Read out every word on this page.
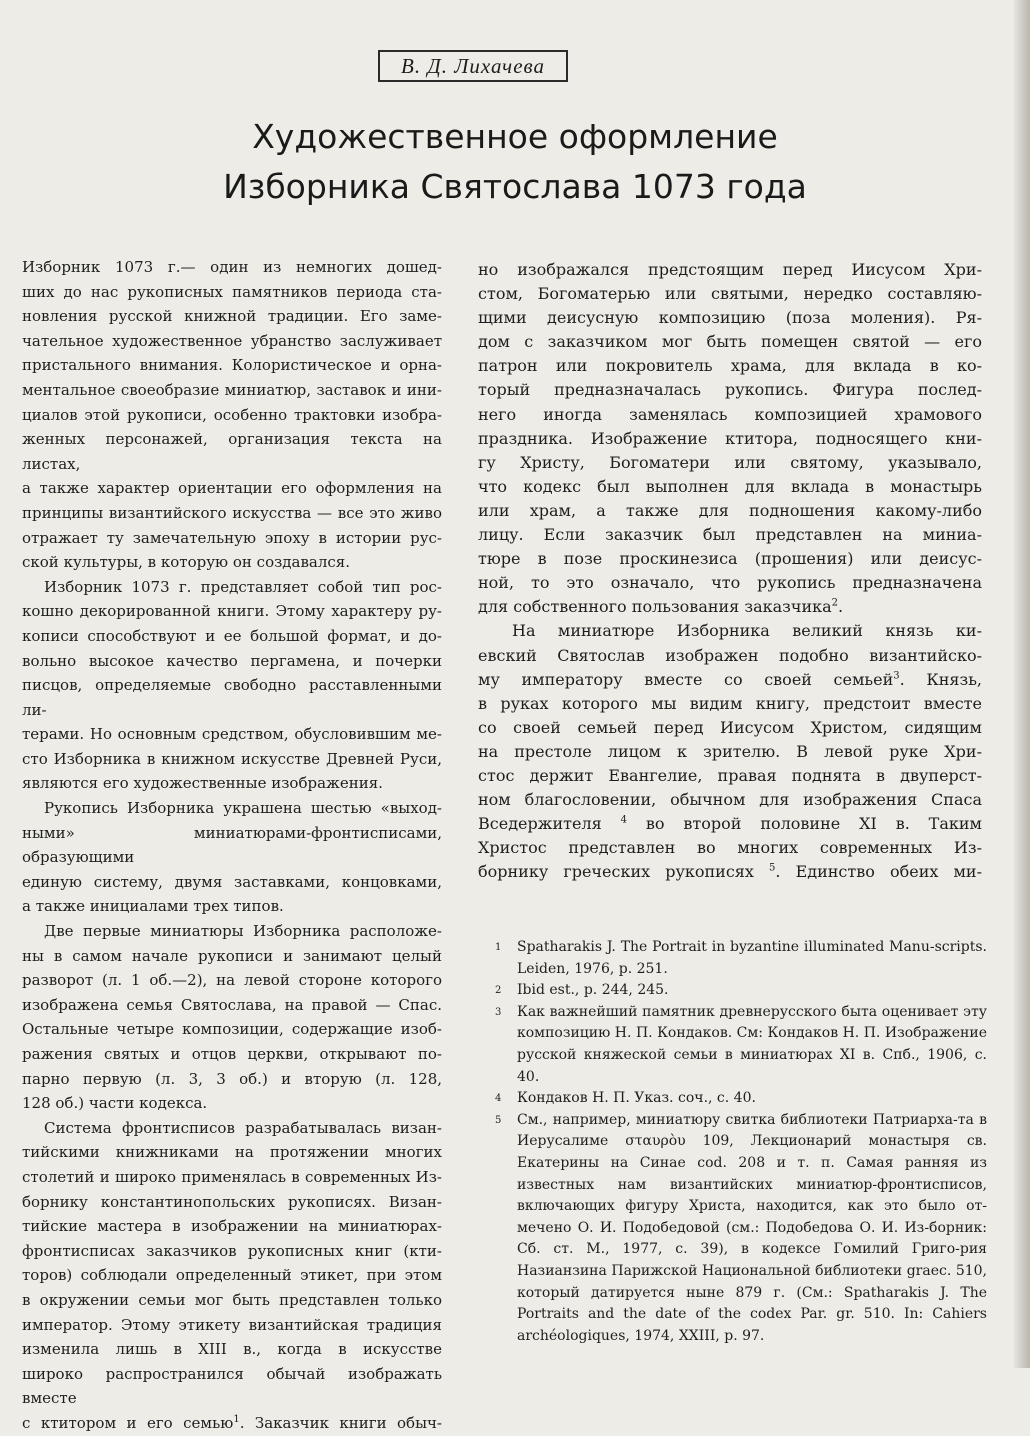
В. Д. Лихачева
Художественное оформление
Изборника Святослава 1073 года

Изборник 1073 г.— один из немногих дошед-

ших до нас рукописных памятников периода ста-

новления русской книжной традиции. Его заме-

чательное художественное убранство заслуживает

пристального внимания. Колористическое и орна-

ментальное своеобразие миниатюр, заставок и ини-

циалов этой рукописи, особенно трактовки изобра-

женных персонажей, организация текста на листах,

а также характер ориентации его оформления на

принципы византийского искусства — все это живо

отражает ту замечательную эпоху в истории рус-

ской культуры, в которую он создавался.

Изборник 1073 г. представляет собой тип рос-

кошно декорированной книги. Этому характеру ру-

кописи способствуют и ее большой формат, и до-

вольно высокое качество пергамена, и почерки

писцов, определяемые свободно расставленными ли-

терами. Но основным средством, обусловившим ме-

сто Изборника в книжном искусстве Древней Руси,

являются его художественные изображения.

Рукопись Изборника украшена шестью «выход-

ными» миниатюрами-фронтисписами, образующими

единую систему, двумя заставками, концовками,

а также инициалами трех типов.

Две первые миниатюры Изборника расположе-

ны в самом начале рукописи и занимают целый

разворот (л. 1 об.—2), на левой стороне которого

изображена семья Святослава, на правой — Спас.

Остальные четыре композиции, содержащие изоб-

ражения святых и отцов церкви, открывают по-

парно первую (л. 3, 3 об.) и вторую (л. 128,

128 об.) части кодекса.

Система фронтисписов разрабатывалась визан-

тийскими книжниками на протяжении многих

столетий и широко применялась в современных Из-

борнику константинопольских рукописях. Визан-

тийские мастера в изображении на миниатюрах-

фронтисписах заказчиков рукописных книг (кти-

торов) соблюдали определенный этикет, при этом

в окружении семьи мог быть представлен только

император. Этому этикету византийская традиция

изменила лишь в XIII в., когда в искусстве

широко распространился обычай изображать вместе

с ктитором и его семью$^1$. Заказчик книги обыч-

но изображался предстоящим перед Иисусом Хри-

стом, Богоматерью или святыми, нередко составляю-

щими деисусную композицию (поза моления). Ря-

дом с заказчиком мог быть помещен святой — его

патрон или покровитель храма, для вклада в ко-

торый предназначалась рукопись. Фигура послед-

него иногда заменялась композицией храмового

праздника. Изображение ктитора, подносящего кни-

гу Христу, Богоматери или святому, указывало,

что кодекс был выполнен для вклада в монастырь

или храм, а также для подношения какому-либо

лицу. Если заказчик был представлен на миниа-

тюре в позе проскинезиса (прошения) или деисус-

ной, то это означало, что рукопись предназначена

для собственного пользования заказчика$^2$.

На миниатюре Изборника великий князь ки-

евский Святослав изображен подобно византийско-

му императору вместе со своей семьей$^3$. Князь,

в руках которого мы видим книгу, предстоит вместе

со своей семьей перед Иисусом Христом, сидящим

на престоле лицом к зрителю. В левой руке Хри-

стос держит Евангелие, правая поднята в двуперст-

ном благословении, обычном для изображения Спаса

Вседержителя $^4$ во второй половине XI в. Таким

Христос представлен во многих современных Из-

борнику греческих рукописях $^5$. Единство обеих ми-

1 Spatharakis J. The Portrait in byzantine illuminated Manu-scripts. Leiden, 1976, p. 251.
2 Ibid est., p. 244, 245.
3 Как важнейший памятник древнерусского быта оценивает эту композицию Н. П. Кондаков. См: Кондаков Н. П. Изображение русской княжеской семьи в миниатюрах XI в. Спб., 1906, с. 40.
4 Кондаков Н. П. Указ. соч., с. 40.
5 См., например, миниатюру свитка библиотеки Патриарха-та в Иерусалиме σταυρὸυ 109, Лекционарий монастыря св. Екатерины на Синае cod. 208 и т. п. Самая ранняя из известных нам византийских миниатюр-фронтисписов, включающих фигуру Христа, находится, как это было от-мечено О. И. Подобедовой (см.: Подобедова О. И. Из-борник: Сб. ст. М., 1977, с. 39), в кодексе Гомилий Григо-рия Назианзина Парижской Национальной библиотеки graec. 510, который датируется ныне 879 г. (См.: Spatharakis J. The Portraits and the date of the codex Par. gr. 510. In: Cahiers archéologiques, 1974, XXIII, p. 97.
